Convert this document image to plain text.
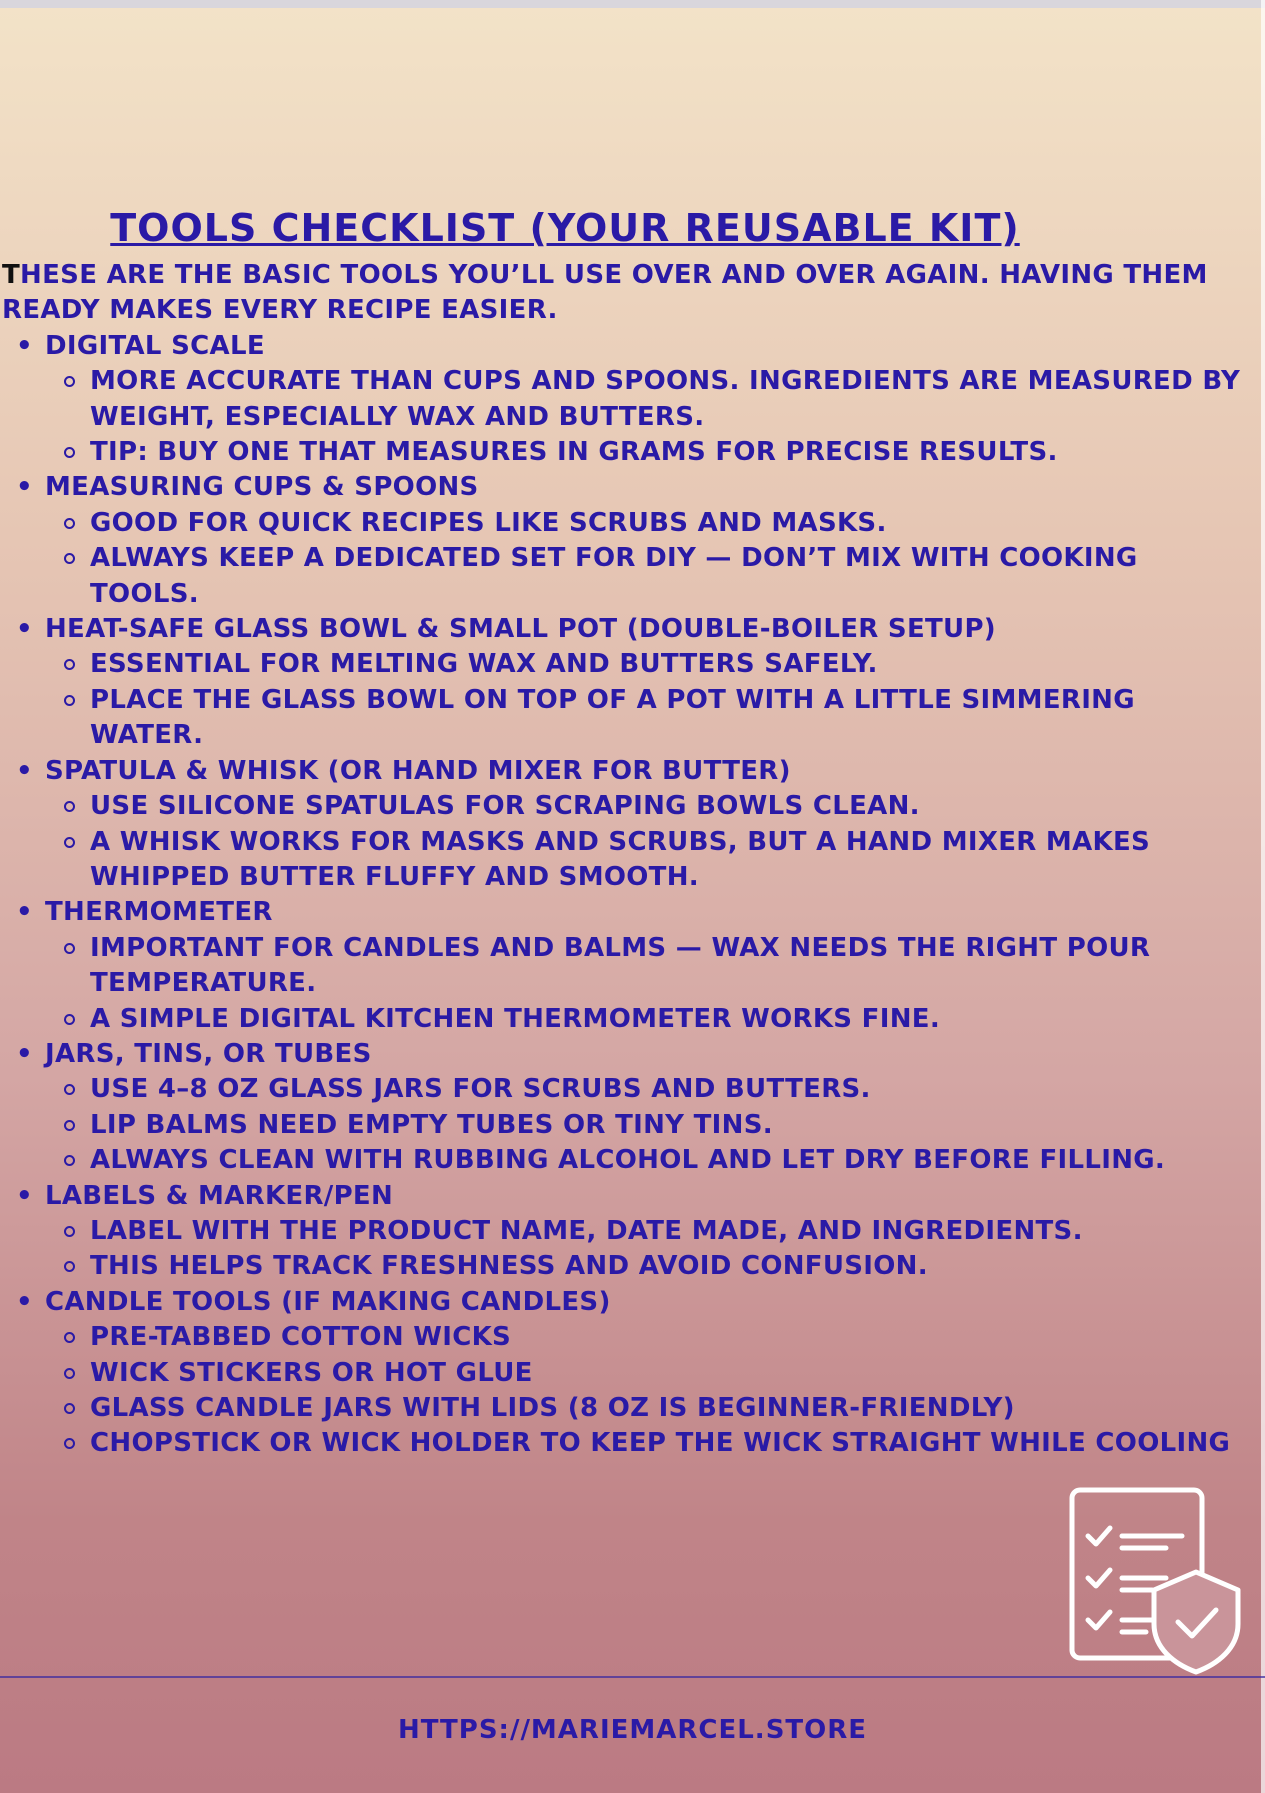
TOOLS CHECKLIST (YOUR REUSABLE KIT)

THESE ARE THE BASIC TOOLS YOU’LL USE OVER AND OVER AGAIN. HAVING THEM READY MAKES EVERY RECIPE EASIER.

• DIGITAL SCALE
MORE ACCURATE THAN CUPS AND SPOONS. INGREDIENTS ARE MEASURED BY WEIGHT, ESPECIALLY WAX AND BUTTERS.
TIP: BUY ONE THAT MEASURES IN GRAMS FOR PRECISE RESULTS.
• MEASURING CUPS & SPOONS
GOOD FOR QUICK RECIPES LIKE SCRUBS AND MASKS.
ALWAYS KEEP A DEDICATED SET FOR DIY — DON’T MIX WITH COOKING TOOLS.
• HEAT-SAFE GLASS BOWL & SMALL POT (DOUBLE-BOILER SETUP)
ESSENTIAL FOR MELTING WAX AND BUTTERS SAFELY.
PLACE THE GLASS BOWL ON TOP OF A POT WITH A LITTLE SIMMERING WATER.
• SPATULA & WHISK (OR HAND MIXER FOR BUTTER)
USE SILICONE SPATULAS FOR SCRAPING BOWLS CLEAN.
A WHISK WORKS FOR MASKS AND SCRUBS, BUT A HAND MIXER MAKES WHIPPED BUTTER FLUFFY AND SMOOTH.
• THERMOMETER
IMPORTANT FOR CANDLES AND BALMS — WAX NEEDS THE RIGHT POUR TEMPERATURE.
A SIMPLE DIGITAL KITCHEN THERMOMETER WORKS FINE.
• JARS, TINS, OR TUBES
USE 4–8 OZ GLASS JARS FOR SCRUBS AND BUTTERS.
LIP BALMS NEED EMPTY TUBES OR TINY TINS.
ALWAYS CLEAN WITH RUBBING ALCOHOL AND LET DRY BEFORE FILLING.
• LABELS & MARKER/PEN
LABEL WITH THE PRODUCT NAME, DATE MADE, AND INGREDIENTS.
THIS HELPS TRACK FRESHNESS AND AVOID CONFUSION.
• CANDLE TOOLS (IF MAKING CANDLES)
PRE-TABBED COTTON WICKS
WICK STICKERS OR HOT GLUE
GLASS CANDLE JARS WITH LIDS (8 OZ IS BEGINNER-FRIENDLY)
CHOPSTICK OR WICK HOLDER TO KEEP THE WICK STRAIGHT WHILE COOLING
HTTPS://MARIEMARCEL.STORE
